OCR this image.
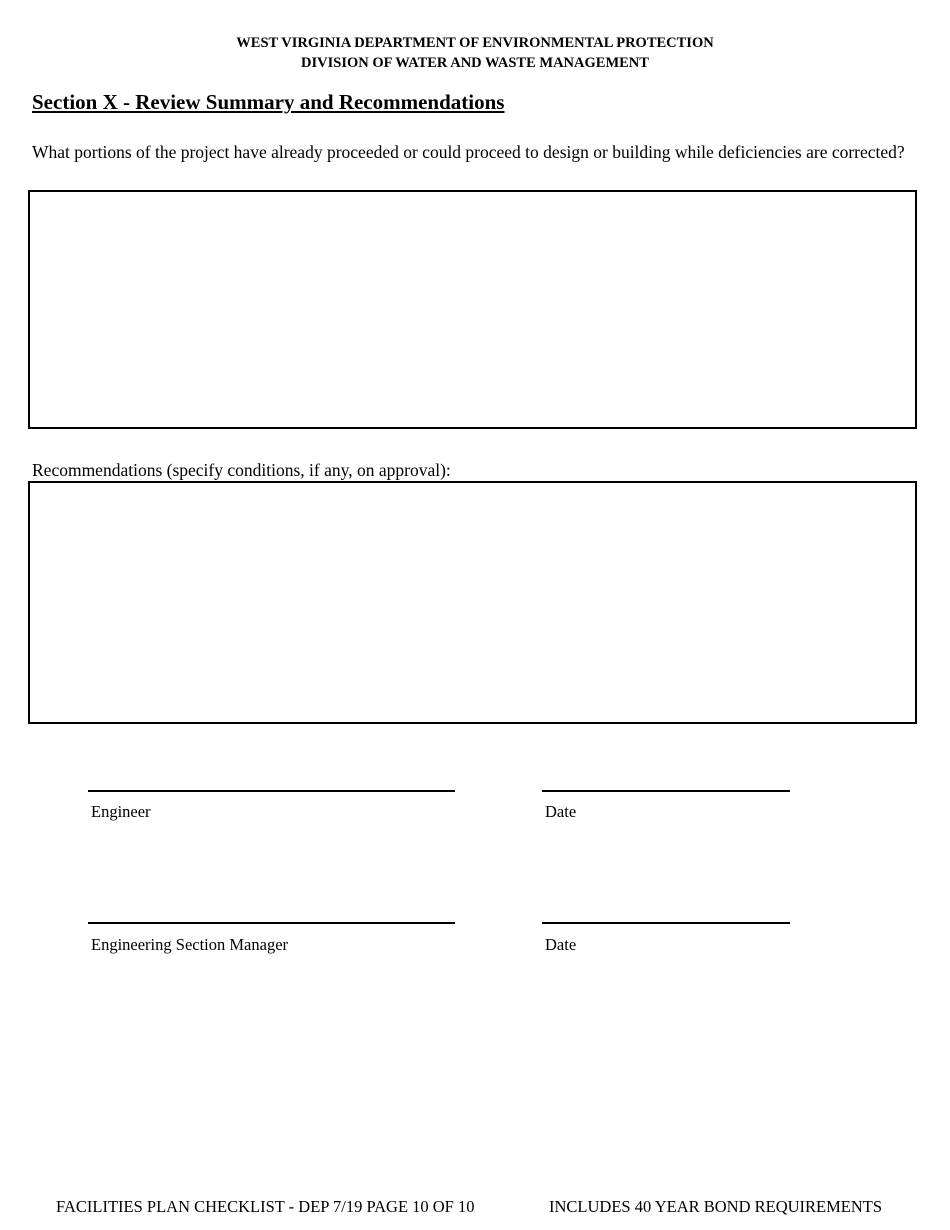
WEST VIRGINIA DEPARTMENT OF ENVIRONMENTAL PROTECTION
DIVISION OF WATER AND WASTE MANAGEMENT
Section X - Review Summary and Recommendations
What portions of the project have already proceeded or could proceed to design or building while deficiencies are corrected?
Recommendations (specify conditions, if any, on approval):
Engineer	Date
Engineering Section Manager	Date
FACILITIES PLAN CHECKLIST - DEP 7/19 PAGE 10 OF 10	INCLUDES 40 YEAR BOND REQUIREMENTS
